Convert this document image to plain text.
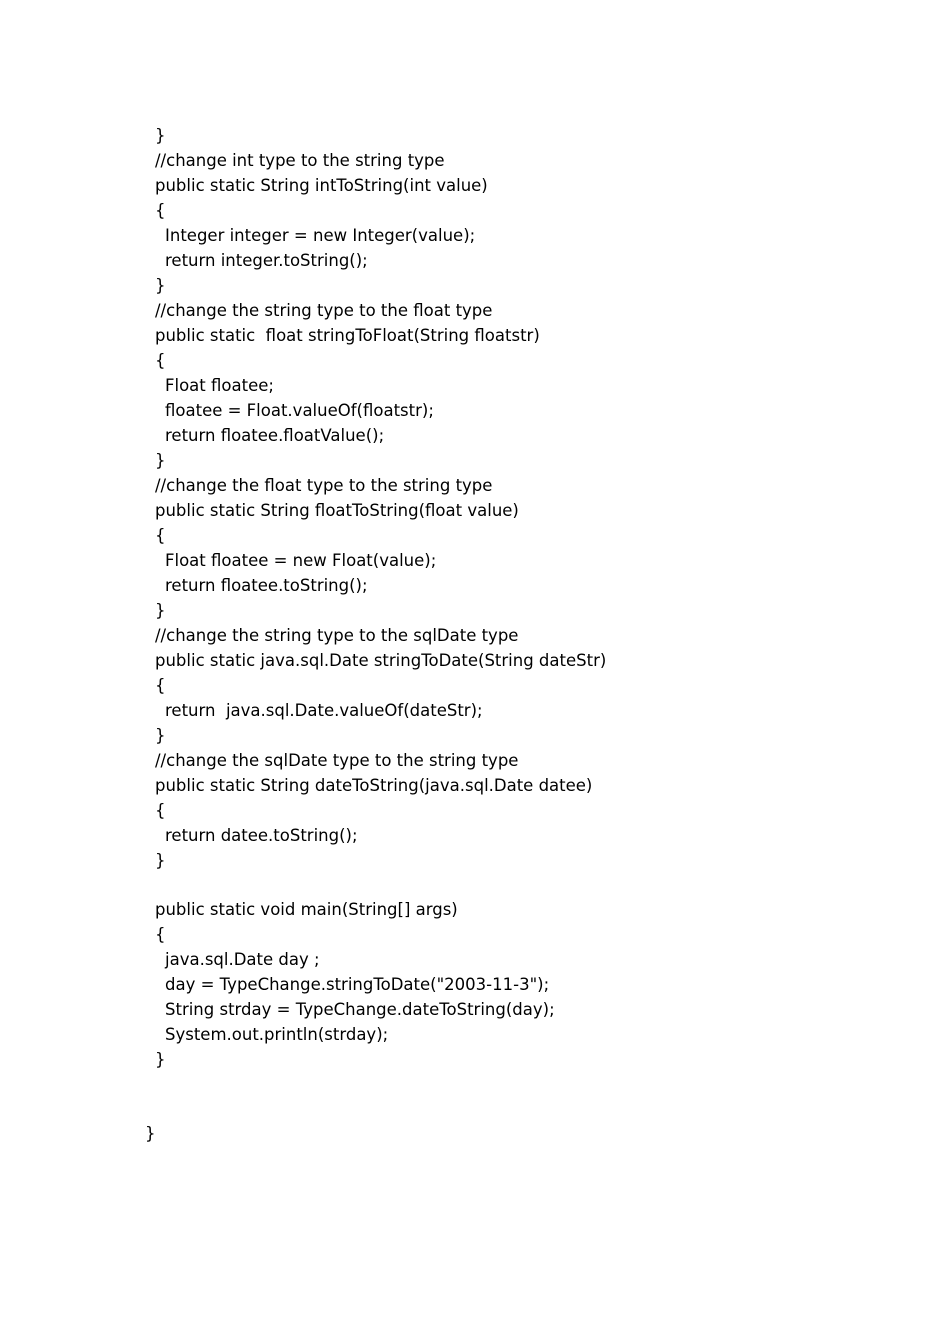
}
//change int type to the string type
public static String intToString(int value)
{
Integer integer = new Integer(value);
return integer.toString();
}
//change the string type to the float type
public static  float stringToFloat(String floatstr)
{
Float floatee;
floatee = Float.valueOf(floatstr);
return floatee.floatValue();
}
//change the float type to the string type
public static String floatToString(float value)
{
Float floatee = new Float(value);
return floatee.toString();
}
//change the string type to the sqlDate type
public static java.sql.Date stringToDate(String dateStr)
{
return  java.sql.Date.valueOf(dateStr);
}
//change the sqlDate type to the string type
public static String dateToString(java.sql.Date datee)
{
return datee.toString();
}
public static void main(String[] args)
{
java.sql.Date day ;
day = TypeChange.stringToDate("2003-11-3");
String strday = TypeChange.dateToString(day);
System.out.println(strday);
}
}
